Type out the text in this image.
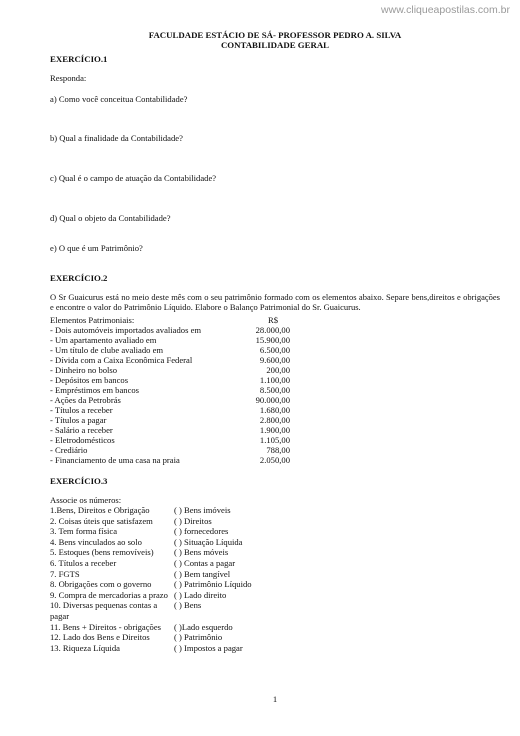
www.cliqueapostilas.com.br
FACULDADE ESTÁCIO DE SÁ- PROFESSOR PEDRO A. SILVA
CONTABILIDADE GERAL
EXERCÍCIO.1
Responda:
a) Como você conceitua Contabilidade?
b) Qual a finalidade da Contabilidade?
c) Qual é o campo de atuação da Contabilidade?
d) Qual o objeto da Contabilidade?
e) O que é um Patrimônio?
EXERCÍCIO.2
O Sr Guaicurus está no meio deste mês com o seu patrimônio formado com os elementos abaixo. Separe bens,direitos e obrigações e encontre o valor do Patrimônio Líquido. Elabore o Balanço Patrimonial do Sr. Guaicurus.
Elementos Patrimoniais:	R$
- Dois automóveis importados avaliados em	28.000,00
- Um apartamento avaliado em	15.900,00
- Um título de clube avaliado em	6.500,00
- Dívida com a Caixa Econômica Federal	9.600,00
- Dinheiro no bolso	200,00
- Depósitos em bancos	1.100,00
- Empréstimos em bancos	8.500,00
- Ações da Petrobrás	90.000,00
- Títulos a receber	1.680,00
- Títulos a pagar	2.800,00
- Salário a receber	1.900,00
- Eletrodomésticos	1.105,00
- Crediário	788,00
- Financiamento de uma casa na praia	2.050,00
EXERCÍCIO.3
Associe os números:
1.Bens, Direitos e Obrigação	( ) Bens imóveis
2. Coisas úteis que satisfazem ( ) Direitos
3. Tem forma física	( ) fornecedores
4. Bens vinculados ao solo	( ) Situação Líquida
5. Estoques (bens removíveis) ( ) Bens móveis
6. Títulos a receber	( ) Contas a pagar
7. FGTS	( ) Bem tangível
8. Obrigações com o governo	( ) Patrimônio Líquido
9. Compra de mercadorias a prazo ( ) Lado direito
10. Diversas pequenas contas a pagar( ) Bens
11. Bens + Direitos - obrigações ( )Lado esquerdo
12. Lado dos Bens e Direitos	( ) Patrimônio
13. Riqueza Líquida	( ) Impostos a pagar
1
